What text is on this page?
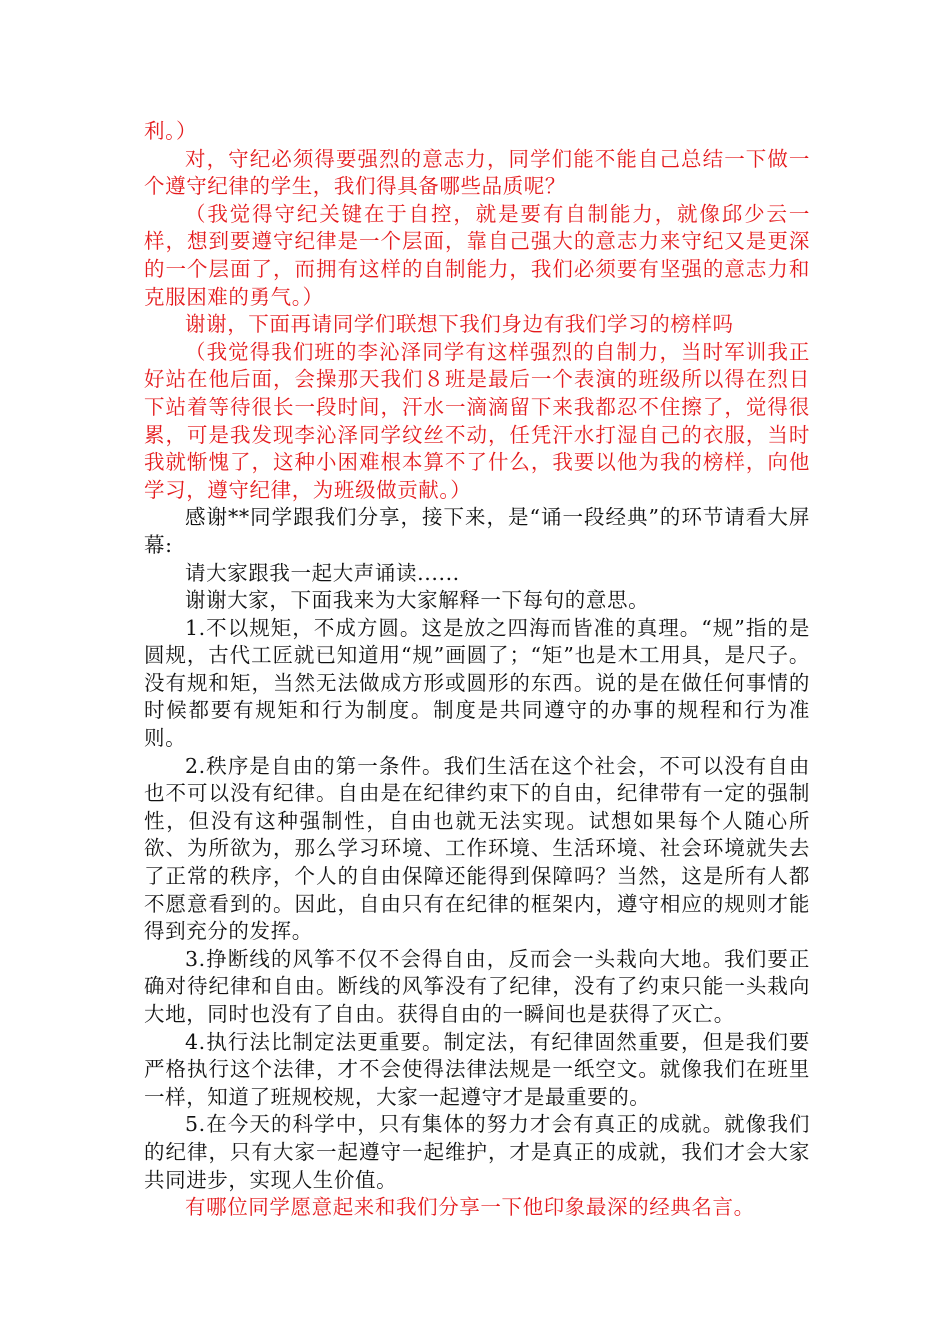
利。）

对，守纪必须得要强烈的意志力，同学们能不能自己总结一下做一个遵守纪律的学生，我们得具备哪些品质呢？

（我觉得守纪关键在于自控，就是要有自制能力，就像邱少云一样，想到要遵守纪律是一个层面，靠自己强大的意志力来守纪又是更深的一个层面了，而拥有这样的自制能力，我们必须要有坚强的意志力和克服困难的勇气。）

谢谢，下面再请同学们联想下我们身边有我们学习的榜样吗

（我觉得我们班的李沁泽同学有这样强烈的自制力，当时军训我正好站在他后面，会操那天我们８班是最后一个表演的班级所以得在烈日下站着等待很长一段时间，汗水一滴滴留下来我都忍不住擦了，觉得很累，可是我发现李沁泽同学纹丝不动，任凭汗水打湿自己的衣服，当时我就惭愧了，这种小困难根本算不了什么，我要以他为我的榜样，向他学习，遵守纪律，为班级做贡献。）

感谢**同学跟我们分享，接下来，是“诵一段经典”的环节请看大屏幕:

请大家跟我一起大声诵读......

谢谢大家，下面我来为大家解释一下每句的意思。

1.不以规矩，不成方圆。这是放之四海而皆准的真理。“规”指的是圆规，古代工匠就已知道用“规”画圆了；“矩”也是木工用具，是尺子。没有规和矩，当然无法做成方形或圆形的东西。说的是在做任何事情的时候都要有规矩和行为制度。制度是共同遵守的办事的规程和行为准则。

2.秩序是自由的第一条件。我们生活在这个社会，不可以没有自由也不可以没有纪律。自由是在纪律约束下的自由，纪律带有一定的强制性，但没有这种强制性，自由也就无法实现。试想如果每个人随心所欲、为所欲为，那么学习环境、工作环境、生活环境、社会环境就失去了正常的秩序，个人的自由保障还能得到保障吗？当然，这是所有人都不愿意看到的。因此，自由只有在纪律的框架内，遵守相应的规则才能得到充分的发挥。

3.挣断线的风筝不仅不会得自由，反而会一头栽向大地。我们要正确对待纪律和自由。断线的风筝没有了纪律，没有了约束只能一头栽向大地，同时也没有了自由。获得自由的一瞬间也是获得了灭亡。

4.执行法比制定法更重要。制定法，有纪律固然重要，但是我们要严格执行这个法律，才不会使得法律法规是一纸空文。就像我们在班里一样，知道了班规校规，大家一起遵守才是最重要的。

5.在今天的科学中，只有集体的努力才会有真正的成就。就像我们的纪律，只有大家一起遵守一起维护，才是真正的成就，我们才会大家共同进步，实现人生价值。

有哪位同学愿意起来和我们分享一下他印象最深的经典名言。
